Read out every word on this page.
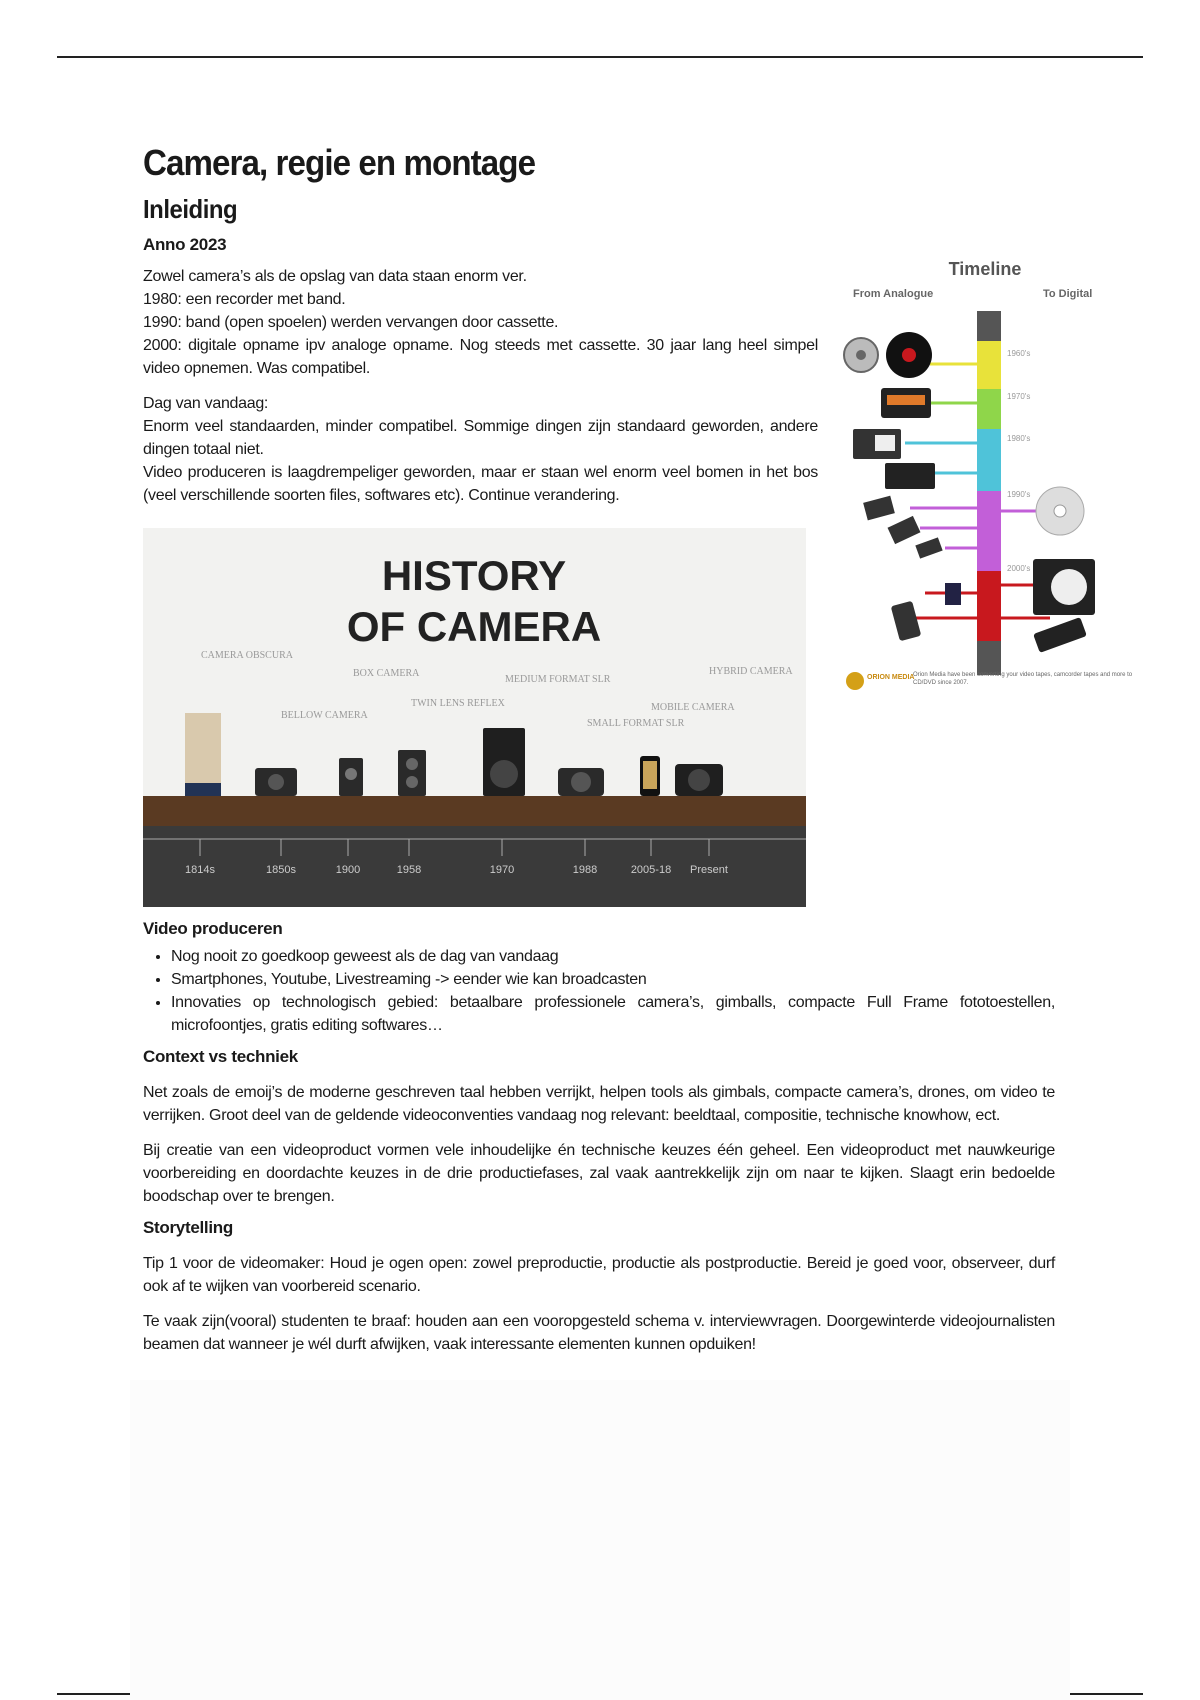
Timeline
From Analogue	To Digital
1960's
1970's
1980's
1990's
2000's
ORION MEDIA
Orion Media have been converting your video tapes, camcorder tapes and more to CD/DVD since 2007.
HISTORY
OF CAMERA
CAMERA OBSCURA
BELLOW CAMERA
BOX CAMERA
TWIN LENS REFLEX
MEDIUM FORMAT SLR
SMALL FORMAT SLR
MOBILE CAMERA
HYBRID CAMERA
1814s	1850s	1900	1958	1970	1988	2005-18 Present
Camera, regie en montage
Inleiding
Anno 2023

Zowel camera’s als de opslag van data staan enorm ver.

1980: een recorder met band.

1990: band (open spoelen) werden vervangen door cassette.

2000: digitale opname ipv analoge opname. Nog steeds met cassette. 30 jaar lang heel simpel video opnemen. Was compatibel.

Dag van vandaag:

Enorm veel standaarden, minder compatibel. Sommige dingen zijn standaard geworden, andere dingen totaal niet.

Video produceren is laagdrempeliger geworden, maar er staan wel enorm veel bomen in het bos (veel verschillende soorten files, softwares etc). Continue verandering.

Video produceren
• Nog nooit zo goedkoop geweest als de dag van vandaag
• Smartphones, Youtube, Livestreaming -> eender wie kan broadcasten
• Innovaties op technologisch gebied: betaalbare professionele camera’s, gimballs, compacte Full Frame fototoestellen, microfoontjes, gratis editing softwares…
Context vs techniek

Net zoals de emoij’s de moderne geschreven taal hebben verrijkt, helpen tools als gimbals, compacte camera’s, drones, om video te verrijken. Groot deel van de geldende videoconventies vandaag nog relevant: beeldtaal, compositie, technische knowhow, ect.

Bij creatie van een videoproduct vormen vele inhoudelijke én technische keuzes één geheel. Een videoproduct met nauwkeurige voorbereiding en doordachte keuzes in de drie productiefases, zal vaak aantrekkelijk zijn om naar te kijken. Slaagt erin bedoelde boodschap over te brengen.

Storytelling

Tip 1 voor de videomaker: Houd je ogen open: zowel preproductie, productie als postproductie. Bereid je goed voor, observeer, durf ook af te wijken van voorbereid scenario.

Te vaak zijn(vooral) studenten te braaf: houden aan een vooropgesteld schema v. interviewvragen. Doorgewinterde videojournalisten beamen dat wanneer je wél durft afwijken, vaak interessante elementen kunnen opduiken!
